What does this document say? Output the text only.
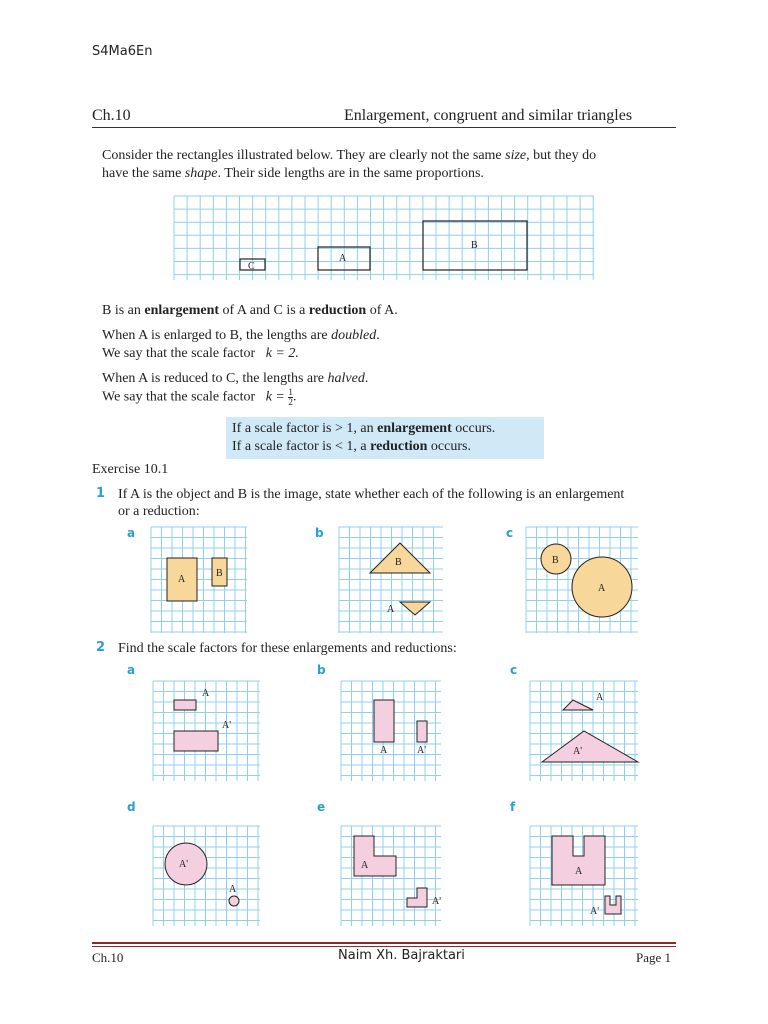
S4Ma6En
Ch.10	Enlargement, congruent and similar triangles
Consider the rectangles illustrated below. They are clearly not the same size, but they do
have the same shape. Their side lengths are in the same proportions.
C
A
B
B is an enlargement of A and C is a reduction of A.
When A is enlarged to B, the lengths are doubled.
We say that the scale factor k = 2.
When A is reduced to C, the lengths are halved.
We say that the scale factor $k = \frac{1}{2}$ .
If a scale factor is > 1, an enlargement occurs.
If a scale factor is < 1, a reduction occurs.
Exercise 10.1
1 If A is the object and B is the image, state whether each of the following is an enlargement
or a reduction:
a	b	c
A
B
B
A
B
A
2 Find the scale factors for these enlargements and reductions:
a	b	c
A
A'
A	A'
A
A'
d	e	f
A'
A
A
A'
A
A'
Ch.10	Naim Xh. Bajraktari	Page 1
